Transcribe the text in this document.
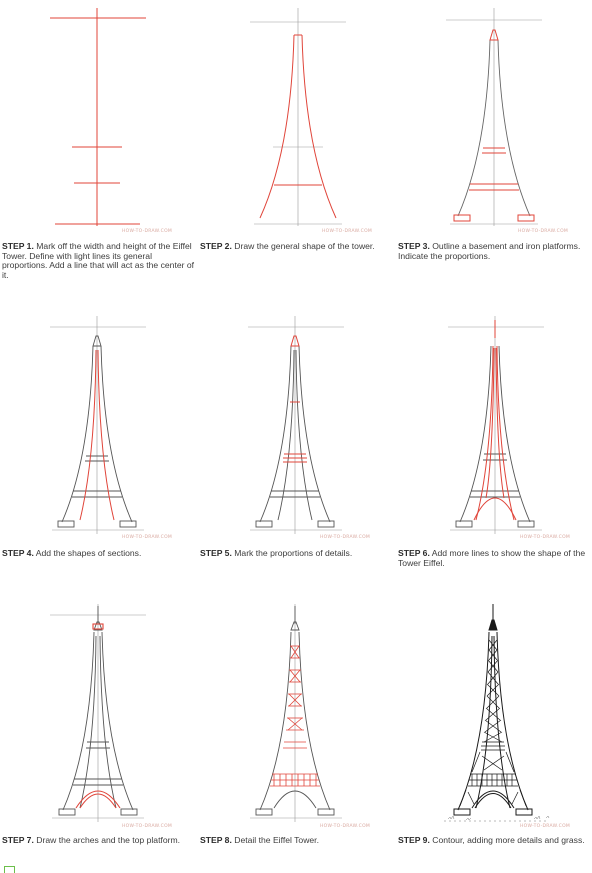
HOW-TO-DRAW.COM
STEP 1. Mark off the width and height of the Eiffel Tower. Define with light lines its general proportions. Add a line that will act as the center of it.
HOW-TO-DRAW.COM
STEP 2. Draw the general shape of the tower.
HOW-TO-DRAW.COM
STEP 3. Outline a basement and iron platforms. Indicate the proportions.
HOW-TO-DRAW.COM
STEP 4. Add the shapes of sections.
HOW-TO-DRAW.COM
STEP 5. Mark the proportions of details.
HOW-TO-DRAW.COM
STEP 6. Add more lines to show the shape of the Tower Eiffel.
HOW-TO-DRAW.COM
STEP 7. Draw the arches and the top platform.
HOW-TO-DRAW.COM
STEP 8. Detail the Eiffel Tower.
HOW-TO-DRAW.COM
STEP 9. Contour, adding more details and grass.
